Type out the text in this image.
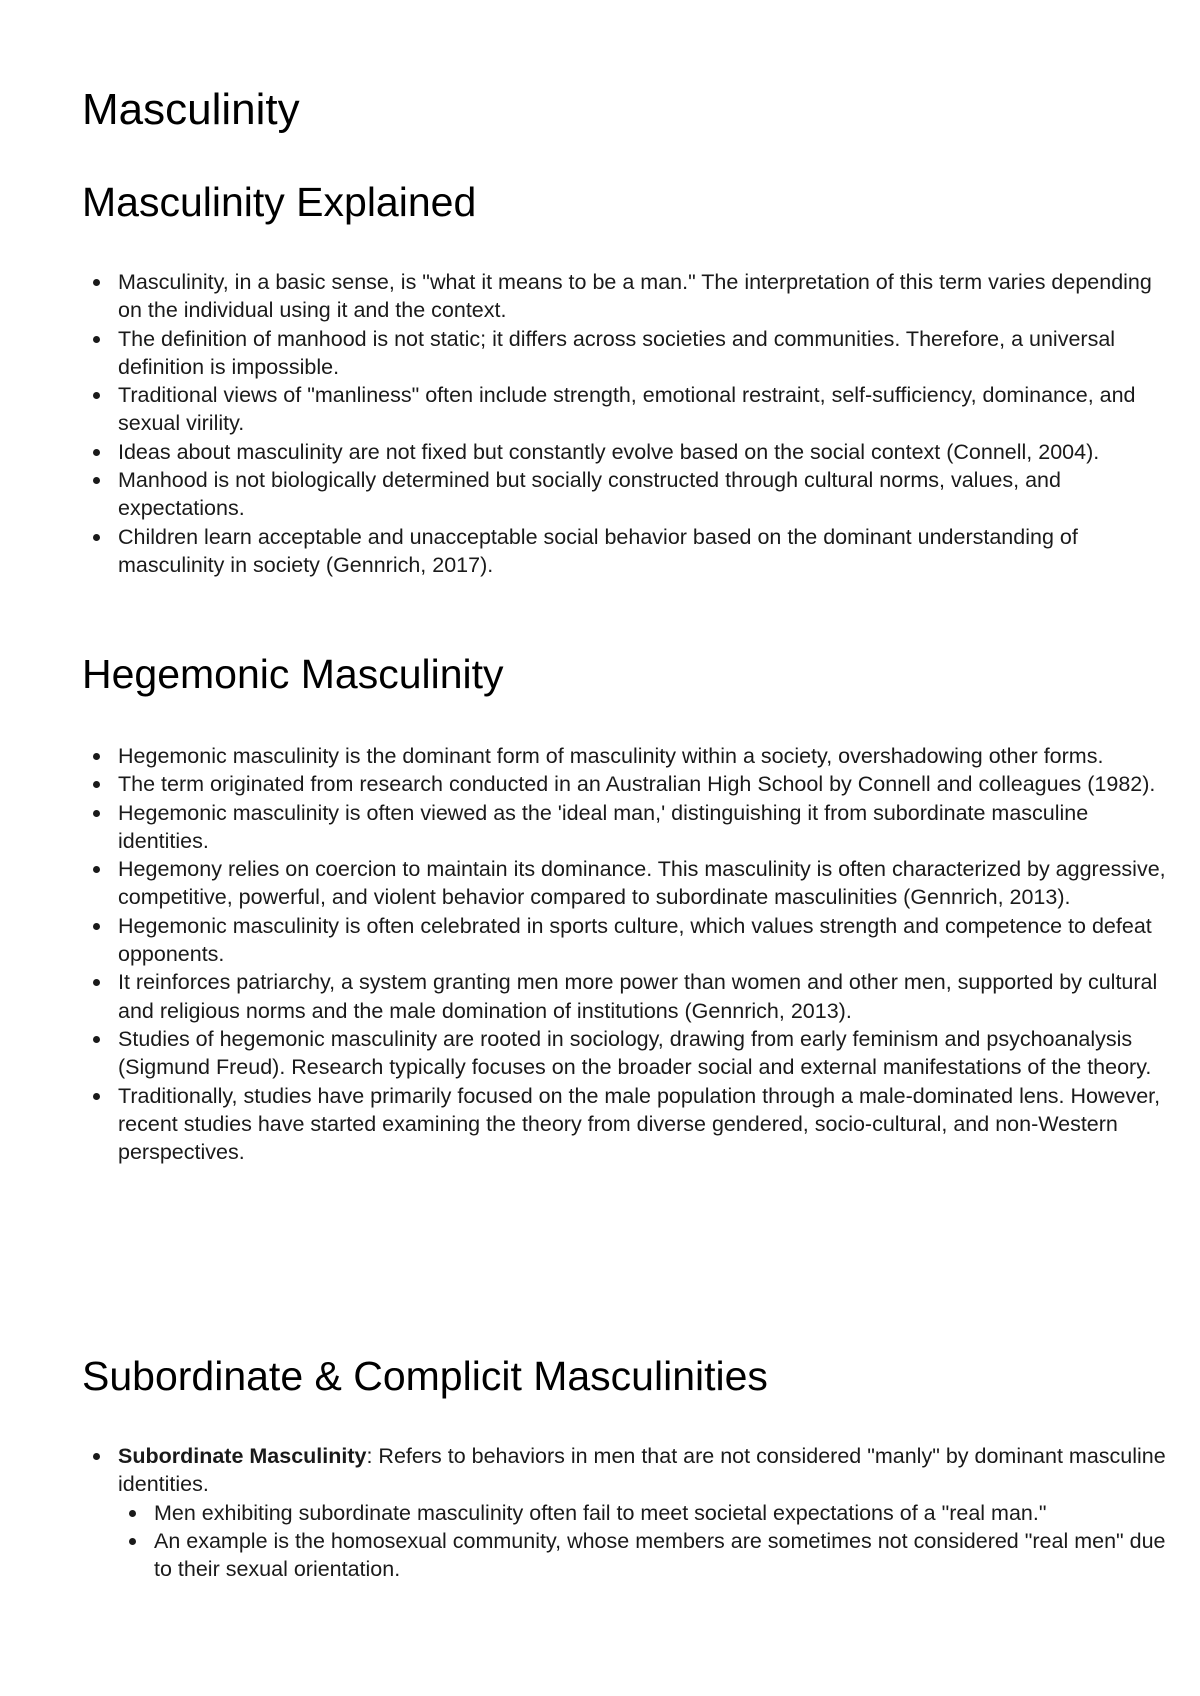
Masculinity
Masculinity Explained
Masculinity, in a basic sense, is "what it means to be a man." The interpretation of this term varies depending on the individual using it and the context.
The definition of manhood is not static; it differs across societies and communities. Therefore, a universal definition is impossible.
Traditional views of "manliness" often include strength, emotional restraint, self-sufficiency, dominance, and sexual virility.
Ideas about masculinity are not fixed but constantly evolve based on the social context (Connell, 2004).
Manhood is not biologically determined but socially constructed through cultural norms, values, and expectations.
Children learn acceptable and unacceptable social behavior based on the dominant understanding of masculinity in society (Gennrich, 2017).
Hegemonic Masculinity
Hegemonic masculinity is the dominant form of masculinity within a society, overshadowing other forms.
The term originated from research conducted in an Australian High School by Connell and colleagues (1982).
Hegemonic masculinity is often viewed as the 'ideal man,' distinguishing it from subordinate masculine identities.
Hegemony relies on coercion to maintain its dominance. This masculinity is often characterized by aggressive, competitive, powerful, and violent behavior compared to subordinate masculinities (Gennrich, 2013).
Hegemonic masculinity is often celebrated in sports culture, which values strength and competence to defeat opponents.
It reinforces patriarchy, a system granting men more power than women and other men, supported by cultural and religious norms and the male domination of institutions (Gennrich, 2013).
Studies of hegemonic masculinity are rooted in sociology, drawing from early feminism and psychoanalysis (Sigmund Freud). Research typically focuses on the broader social and external manifestations of the theory.
Traditionally, studies have primarily focused on the male population through a male-dominated lens. However, recent studies have started examining the theory from diverse gendered, socio-cultural, and non-Western perspectives.
Subordinate & Complicit Masculinities
Subordinate Masculinity: Refers to behaviors in men that are not considered "manly" by dominant masculine identities.
Men exhibiting subordinate masculinity often fail to meet societal expectations of a "real man."
An example is the homosexual community, whose members are sometimes not considered "real men" due to their sexual orientation.
